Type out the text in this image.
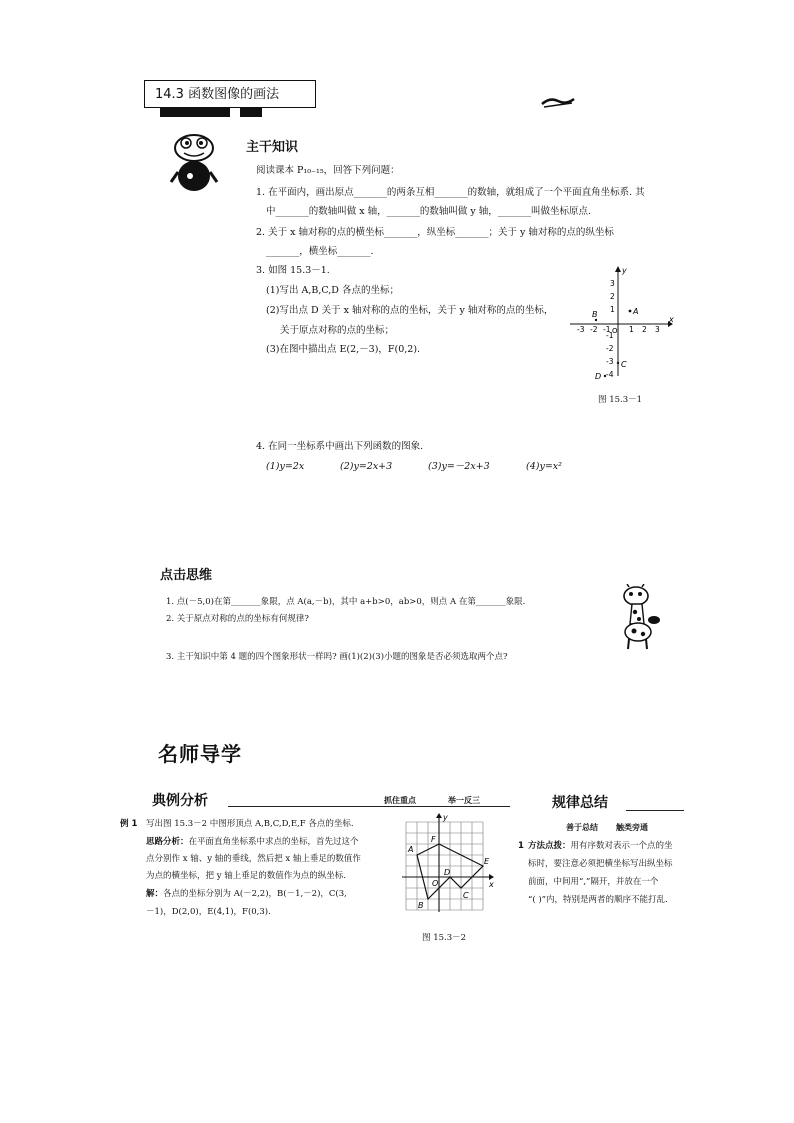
14.3 函数图像的画法
主干知识
阅读课本 P₁₀₋₁₅，回答下列问题：
1. 在平面内，画出原点_______的两条互相_______的数轴，就组成了一个平面直角坐标系. 其
中_______的数轴叫做 x 轴，_______的数轴叫做 y 轴，_______叫做坐标原点.
2. 关于 x 轴对称的点的横坐标_______，纵坐标_______；关于 y 轴对称的点的纵坐标
_______，横坐标_______.
3. 如图 15.3－1.
(1)写出 A,B,C,D 各点的坐标；
(2)写出点 D 关于 x 轴对称的点的坐标，关于 y 轴对称的点的坐标，
关于原点对称的点的坐标；
(3)在图中描出点 E(2,－3)，F(0,2).
x
y
O
-3 -2 -1 1 2 3
3
2
1
-1
-2
-3
-4
A
B
C
D
图 15.3－1
4. 在同一坐标系中画出下列函数的图象.
(1)y=2x	(2)y=2x+3	(3)y=－2x+3	(4)y=x²
点击思维
1. 点(－5,0)在第_______象限，点 A(a,－b)，其中 a+b>0，ab>0，则点 A 在第_______象限.
2. 关于原点对称的点的坐标有何规律?
3. 主干知识中第 4 题的四个图象形状一样吗? 画(1)(2)(3)小题的图象是否必须选取两个点?
名师导学
典例分析	抓住重点	举一反三	规律总结
善于总结 触类旁通
例 1 写出图 15.3－2 中图形顶点 A,B,C,D,E,F 各点的坐标.
思路分析：在平面直角坐标系中求点的坐标，首先过这个
点分别作 x 轴、y 轴的垂线，然后把 x 轴上垂足的数值作
为点的横坐标，把 y 轴上垂足的数值作为点的纵坐标.
解：各点的坐标分别为 A(－2,2)，B(－1,－2)，C(3,
－1)，D(2,0)，E(4,1)，F(0,3).
x
y
O
A
B
C
D
E
F
图 15.3－2
1 方法点拨：用有序数对表示一个点的坐
标时，要注意必须把横坐标写出纵坐标
前面，中间用“,”隔开，并放在一个
“( )”内，特别是两者的顺序不能打乱.
